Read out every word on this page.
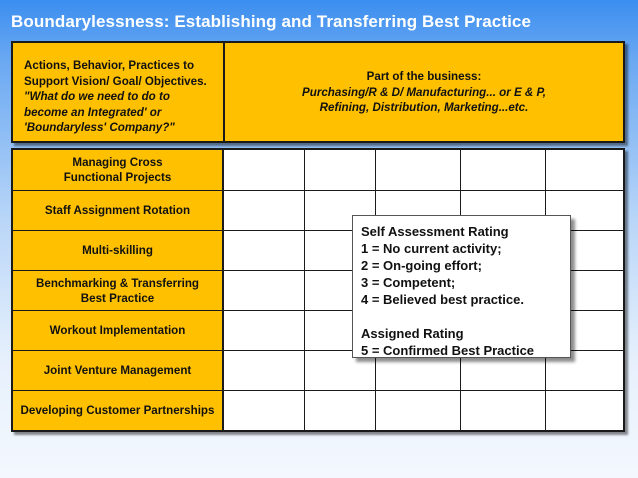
Boundarylessness: Establishing and Transferring Best Practice
Actions, Behavior, Practices to
Support Vision/ Goal/ Objectives.
"What do we need to do to
become an Integrated' or
'Boundaryless' Company?"
Part of the business:
Purchasing/R & D/ Manufacturing... or E & P,
Refining, Distribution, Marketing...etc.
Managing Cross
Functional Projects
Staff Assignment Rotation
Multi-skilling
Benchmarking & Transferring
Best Practice
Workout Implementation
Joint Venture Management
Developing Customer Partnerships
Self Assessment Rating
1 = No current activity;
2 = On-going effort;
3 = Competent;
4 = Believed best practice.
Assigned Rating
5 = Confirmed Best Practice
